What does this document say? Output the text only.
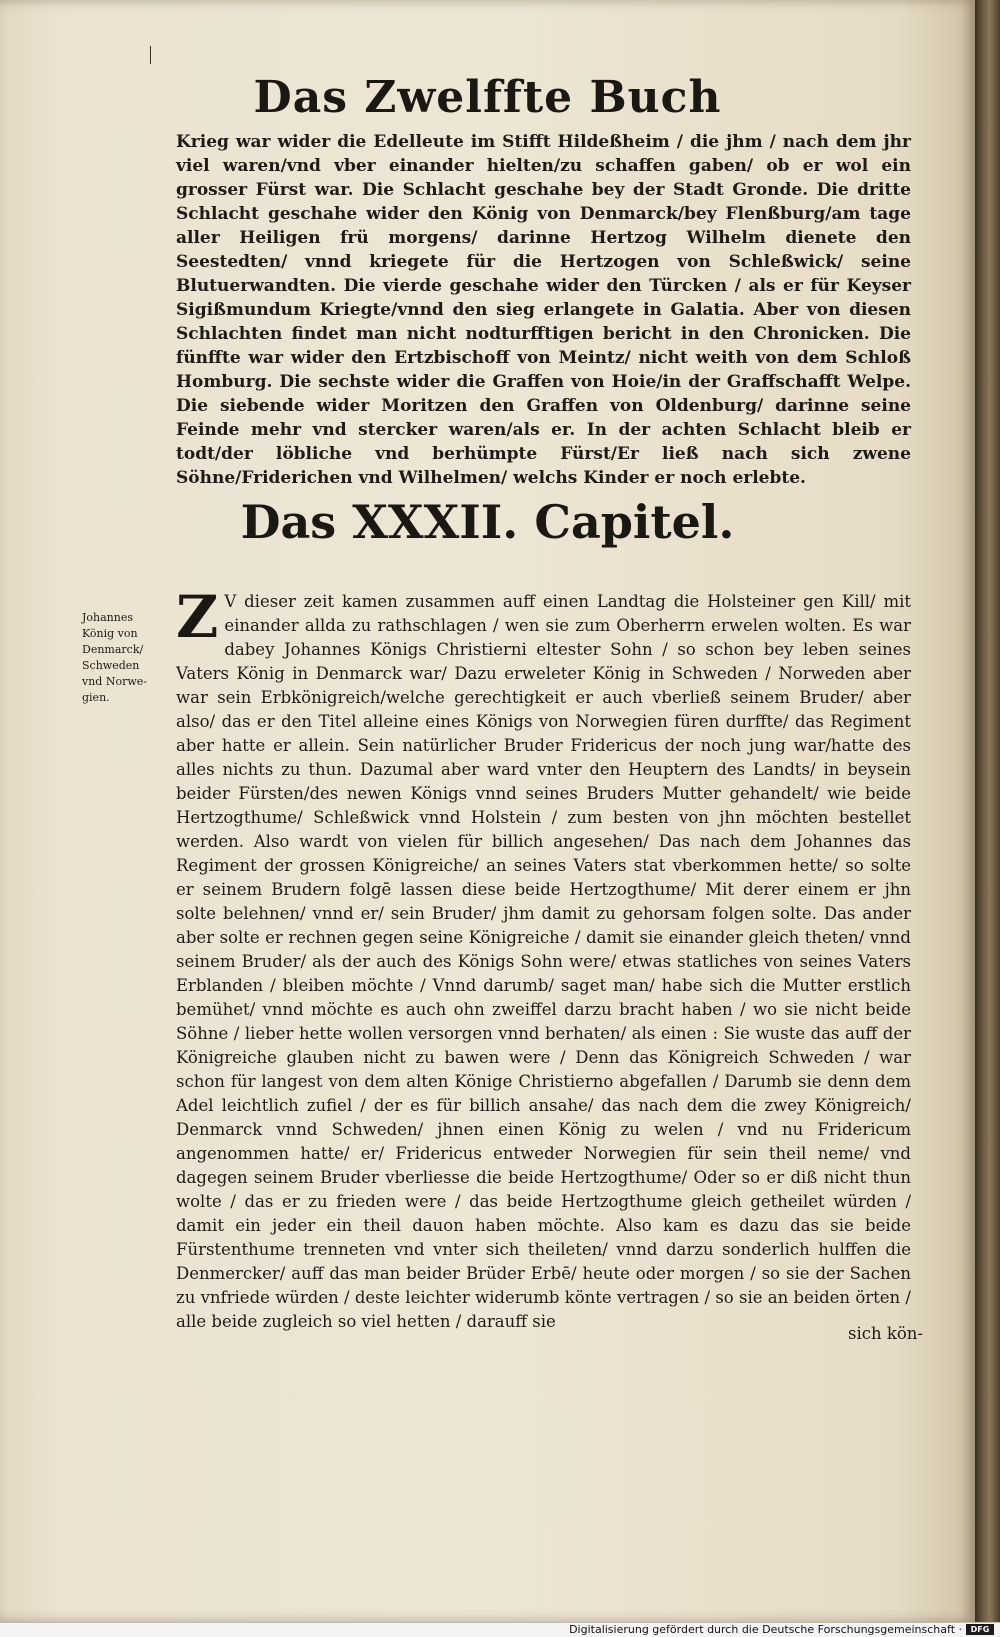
Das Zwelffte Buch
Krieg war wider die Edelleute im Stifft Hildeßheim / die jhm / nach dem jhr viel waren/vnd vber einander hielten/zu schaffen gaben/ ob er wol ein grosser Fürst war. Die Schlacht geschahe bey der Stadt Gronde. Die dritte Schlacht geschahe wider den König von Denmarck/bey Flenßburg/am tage aller Heiligen frü morgens/ darinne Hertzog Wilhelm dienete den Seestedten/ vnnd kriegete für die Hertzogen von Schleßwick/ seine Blutuerwandten. Die vierde geschahe wider den Türcken / als er für Keyser Sigißmundum Kriegte/vnnd den sieg erlangete in Galatia. Aber von diesen Schlachten findet man nicht nodturfftigen bericht in den Chronicken. Die fünffte war wider den Ertzbischoff von Meintz/ nicht weith von dem Schloß Homburg. Die sechste wider die Graffen von Hoie/in der Graffschafft Welpe. Die siebende wider Moritzen den Graffen von Oldenburg/ darinne seine Feinde mehr vnd stercker waren/als er. In der achten Schlacht bleib er todt/der löbliche vnd berhümpte Fürst/Er ließ nach sich zwene Söhne/Friderichen vnd Wilhelmen/ welchs Kinder er noch erlebte.
Das XXXII. Capitel.
Johannes
König von
Denmarck/
Schweden
vnd Norwe-
gien.
Z V dieser zeit kamen zusammen auff einen Landtag die Holsteiner gen Kill/ mit einander allda zu rathschlagen / wen sie zum Oberherrn erwelen wolten. Es war dabey Johannes Königs Christierni eltester Sohn / so schon bey leben seines Vaters König in Denmarck war/ Dazu erweleter König in Schweden / Norweden aber war sein Erbkönigreich/welche gerechtigkeit er auch vberließ seinem Bruder/ aber also/ das er den Titel alleine eines Königs von Norwegien füren durffte/ das Regiment aber hatte er allein. Sein natürlicher Bruder Fridericus der noch jung war/hatte des alles nichts zu thun. Dazumal aber ward vnter den Heuptern des Landts/ in beysein beider Fürsten/des newen Königs vnnd seines Bruders Mutter gehandelt/ wie beide Hertzogthume/ Schleßwick vnnd Holstein / zum besten von jhn möchten bestellet werden. Also wardt von vielen für billich angesehen/ Das nach dem Johannes das Regiment der grossen Königreiche/ an seines Vaters stat vberkommen hette/ so solte er seinem Brudern folgē lassen diese beide Hertzogthume/ Mit derer einem er jhn solte belehnen/ vnnd er/ sein Bruder/ jhm damit zu gehorsam folgen solte. Das ander aber solte er rechnen gegen seine Königreiche / damit sie einander gleich theten/ vnnd seinem Bruder/ als der auch des Königs Sohn were/ etwas statliches von seines Vaters Erblanden / bleiben möchte / Vnnd darumb/ saget man/ habe sich die Mutter erstlich bemühet/ vnnd möchte es auch ohn zweiffel darzu bracht haben / wo sie nicht beide Söhne / lieber hette wollen versorgen vnnd berhaten/ als einen : Sie wuste das auff der Königreiche glauben nicht zu bawen were / Denn das Königreich Schweden / war schon für langest von dem alten Könige Christierno abgefallen / Darumb sie denn dem Adel leichtlich zufiel / der es für billich ansahe/ das nach dem die zwey Königreich/ Denmarck vnnd Schweden/ jhnen einen König zu welen / vnd nu Fridericum angenommen hatte/ er/ Fridericus entweder Norwegien für sein theil neme/ vnd dagegen seinem Bruder vberliesse die beide Hertzogthume/ Oder so er diß nicht thun wolte / das er zu frieden were / das beide Hertzogthume gleich getheilet würden / damit ein jeder ein theil dauon haben möchte. Also kam es dazu das sie beide Fürstenthume trenneten vnd vnter sich theileten/ vnnd darzu sonderlich hulffen die Denmercker/ auff das man beider Brüder Erbē/ heute oder morgen / so sie der Sachen zu vnfriede würden / deste leichter widerumb könte vertragen / so sie an beiden örten / alle beide zugleich so viel hetten / darauff sie
sich kön-
Digitalisierung gefördert durch die Deutsche Forschungsgemeinschaft ·	DFG
